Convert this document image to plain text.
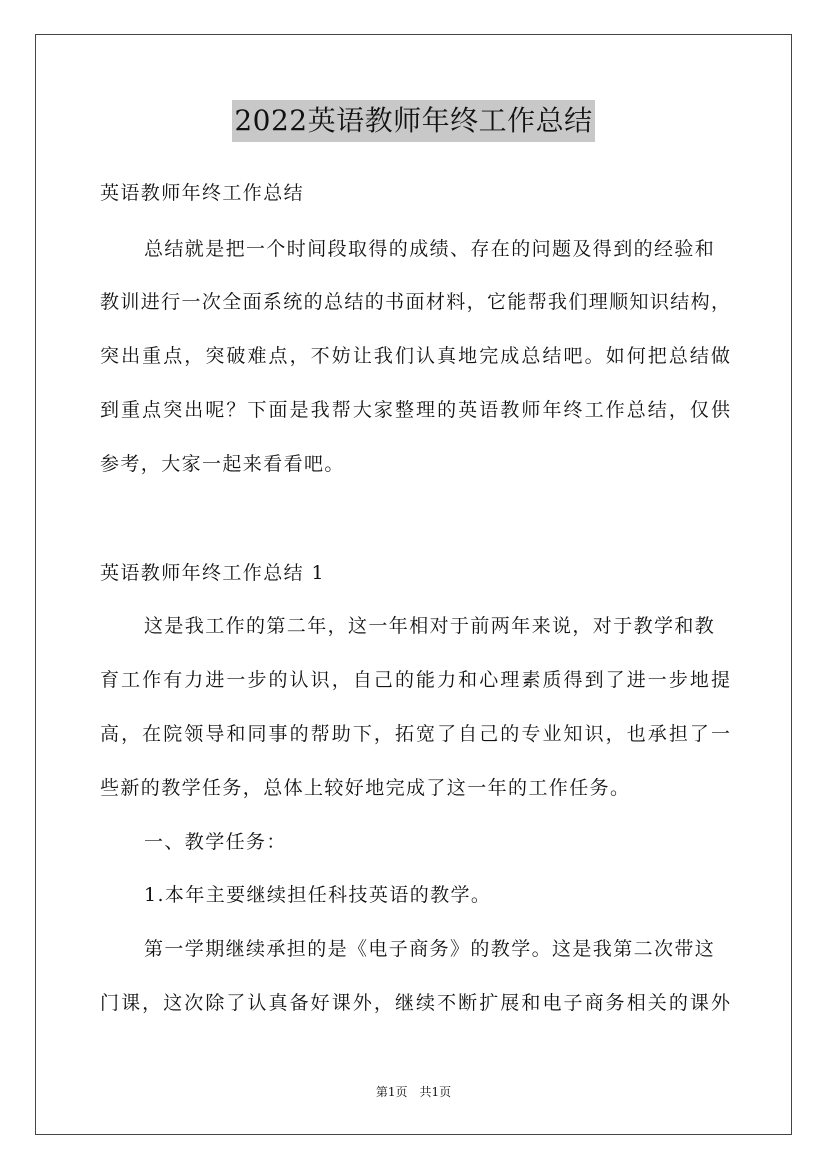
2022英语教师年终工作总结
英语教师年终工作总结
总结就是把一个时间段取得的成绩、存在的问题及得到的经验和
教训进行一次全面系统的总结的书面材料，它能帮我们理顺知识结构，
突出重点，突破难点，不妨让我们认真地完成总结吧。如何把总结做
到重点突出呢？下面是我帮大家整理的英语教师年终工作总结，仅供
参考，大家一起来看看吧。
英语教师年终工作总结 1
这是我工作的第二年，这一年相对于前两年来说，对于教学和教
育工作有力进一步的认识，自己的能力和心理素质得到了进一步地提
高，在院领导和同事的帮助下，拓宽了自己的专业知识，也承担了一
些新的教学任务，总体上较好地完成了这一年的工作任务。
一、教学任务：
1.本年主要继续担任科技英语的教学。
第一学期继续承担的是《电子商务》的教学。这是我第二次带这
门课，这次除了认真备好课外，继续不断扩展和电子商务相关的课外
第1页　共1页
